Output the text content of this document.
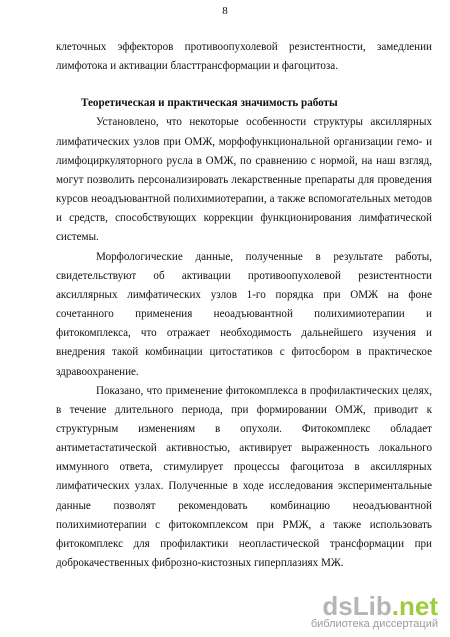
8

клеточных эффекторов противоопухолевой резистентности, замедлении лимфотока и активации бласттрансформации и фагоцитоза.

Теоретическая и практическая значимость работы

Установлено, что некоторые особенности структуры аксиллярных лимфатических узлов при ОМЖ, морфофункциональной организации гемо- и лимфоциркуляторного русла в ОМЖ, по сравнению с нормой, на наш взгляд, могут позволить персонализировать лекарственные препараты для проведения курсов неоадъювантной полихимиотерапии, а также вспомогательных методов и средств, способствующих коррекции функционирования лимфатической системы.

Морфологические данные, полученные в результате работы, свидетельствуют об активации противоопухолевой резистентности аксиллярных лимфатических узлов 1-го порядка при ОМЖ на фоне сочетанного применения неоадъювантной полихимиотерапии и фитокомплекса, что отражает необходимость дальнейшего изучения и внедрения такой комбинации цитостатиков с фитосбором в практическое здравоохранение.

Показано, что применение фитокомплекса в профилактических целях, в течение длительного периода, при формировании ОМЖ, приводит к структурным изменениям в опухоли. Фитокомплекс обладает антиметастатической активностью, активирует выраженность локального иммунного ответа, стимулирует процессы фагоцитоза в аксиллярных лимфатических узлах. Полученные в ходе исследования экспериментальные данные позволят рекомендовать комбинацию неоадъювантной полихимиотерапии с фитокомплексом при РМЖ, а также использовать фитокомплекс для профилактики неопластической трансформации при доброкачественных фиброзно-кистозных гиперплазиях МЖ.

dsLib.net
библиотека диссертаций
